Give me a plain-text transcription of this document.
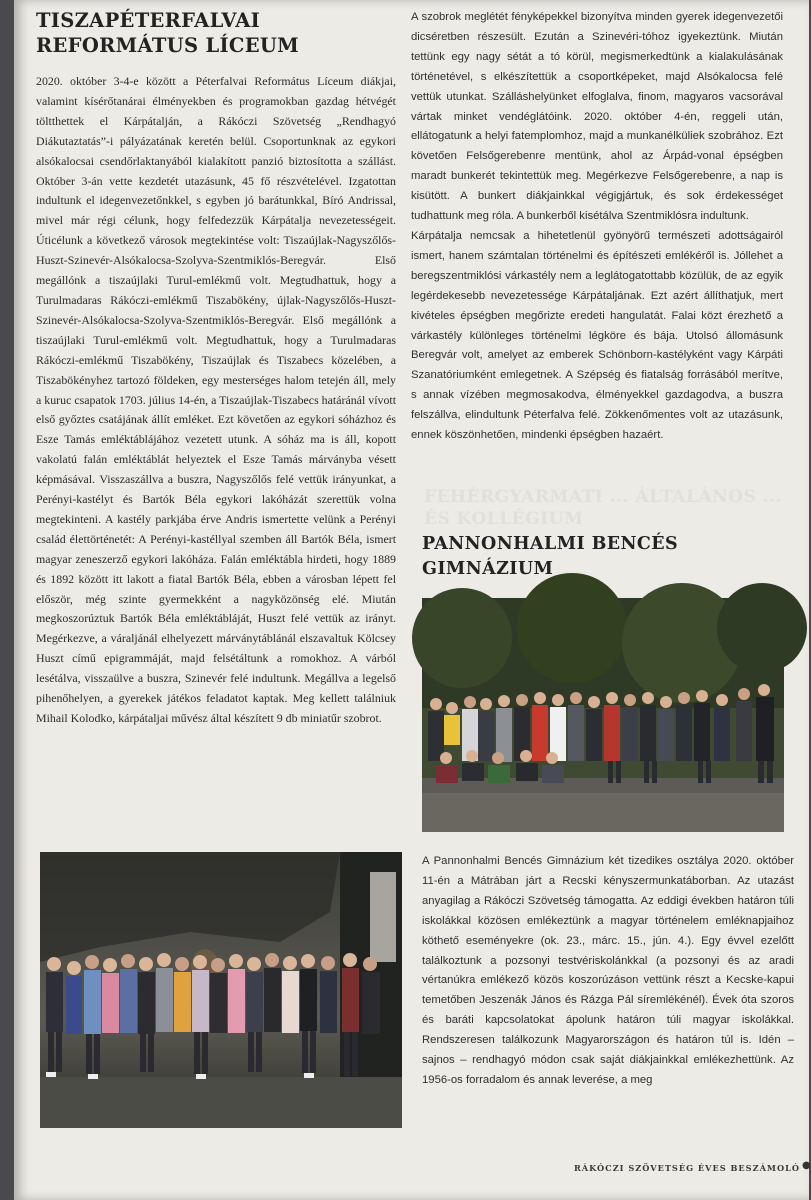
FEHÉRGYARMATI ... ÁLTALÁNOS ... ÉS KOLLÉGIUM
TISZAPÉTERFALVAI REFORMÁTUS LÍCEUM

2020. október 3-4-e között a Péterfalvai Református Líceum diákjai, valamint kísérőtanárai élményekben és programokban gazdag hétvégét töltthettek el Kárpátalján, a Rákóczi Szövetség „Rendhagyó Diákutaztatás”-i pályázatának keretén belül. Csoportunknak az egykori alsókalocsai csendőrlaktanyából kialakított panzió biztosította a szállást. Október 3-án vette kezdetét utazásunk, 45 fő részvételével. Izgatottan indultunk el idegenvezetőnkkel, s egyben jó barátunkkal, Bíró Andrissal, mivel már régi célunk, hogy felfedezzük Kárpátalja nevezetességeit. Úticélunk a következő városok megtekintése volt: Tiszaújlak-Nagyszőlős-Huszt-Szinevér-Alsókalocsa-Szolyva-Szentmiklós-Beregvár. Első megállónk a tiszaújlaki Turul-emlékmű volt. Megtudhattuk, hogy a Turulmadaras Rákóczi-emlékmű Tiszabökény, újlak-Nagyszőlős-Huszt-Szinevér-Alsókalocsa-Szolyva-Szentmiklós-Beregvár. Első megállónk a tiszaújlaki Turul-emlékmű volt. Megtudhattuk, hogy a Turulmadaras Rákóczi-emlékmű Tiszabökény, Tiszaújlak és Tiszabecs közelében, a Tiszabökényhez tartozó földeken, egy mesterséges halom tetején áll, mely a kuruc csapatok 1703. július 14-én, a Tiszaújlak-Tiszabecs határánál vívott első győztes csatájának állít emléket. Ezt követően az egykori sóházhoz és Esze Tamás emléktáblájához vezetett utunk. A sóház ma is áll, kopott vakolatú falán emléktáblát helyeztek el Esze Tamás márványba vésett képmásával. Visszaszállva a buszra, Nagyszőlős felé vettük irányunkat, a Perényi-kastélyt és Bartók Béla egykori lakóházát szerettük volna megtekinteni. A kastély parkjába érve Andris ismertette velünk a Perényi család élettörténetét: A Perényi-kastéllyal szemben áll Bartók Béla, ismert magyar zeneszerző egykori lakóháza. Falán emléktábla hirdeti, hogy 1889 és 1892 között itt lakott a fiatal Bartók Béla, ebben a városban lépett fel először, még szinte gyermekként a nagyközönség elé. Miután megkoszorúztuk Bartók Béla emléktábláját, Huszt felé vettük az irányt. Megérkezve, a váraljánál elhelyezett márványtáblánál elszavaltuk Kölcsey Huszt című epigrammáját, majd felsétáltunk a romokhoz. A várból lesétálva, visszaülve a buszra, Szinevér felé indultunk. Megállva a legelső pihenőhelyen, a gyerekek játékos feladatot kaptak. Meg kellett találniuk Mihail Kolodko, kárpátaljai művész által készített 9 db miniatűr szobrot.

A szobrok meglétét fényképekkel bizonyítva minden gyerek idegenvezetői dicséretben részesült. Ezután a Szinevéri-tóhoz igyekeztünk. Miután tettünk egy nagy sétát a tó körül, megismerkedtünk a kialakulásának történetével, s elkészítettük a csoportképeket, majd Alsókalocsa felé vettük utunkat. Szálláshelyünket elfoglalva, finom, magyaros vacsorával vártak minket vendéglátóink. 2020. október 4-én, reggeli után, ellátogatunk a helyi fatemplomhoz, majd a munkanélküliek szobrához. Ezt követően Felsőgerebenre mentünk, ahol az Árpád-vonal épségben maradt bunkerét tekintettük meg. Megérkezve Felsőgerebenre, a nap is kisütött. A bunkert diákjainkkal végigjártuk, és sok érdekességet tudhattunk meg róla. A bunkerből kisétálva Szentmiklósra indultunk.

Kárpátalja nemcsak a hihetetlenül gyönyörű természeti adottságairól ismert, hanem számtalan történelmi és építészeti emlékéről is. Jóllehet a beregszentmiklósi várkastély nem a leglátogatottabb közülük, de az egyik legérdekesebb nevezetessége Kárpátaljának. Ezt azért állíthatjuk, mert kivételes épségben megőrizte eredeti hangulatát. Falai közt érezhető a várkastély különleges történelmi légköre és bája. Utolsó állomásunk Beregvár volt, amelyet az emberek Schönborn-kastélyként vagy Kárpáti Szanatóriumként emlegetnek. A Szépség és fiatalság forrásából merítve, s annak vízében megmosakodva, élményekkel gazdagodva, a buszra felszállva, elindultunk Péterfalva felé. Zökkenőmentes volt az utazásunk, ennek köszönhetően, mindenki épségben hazaért.

PANNONHALMI BENCÉS GIMNÁZIUM

A Pannonhalmi Bencés Gimnázium két tizedikes osztálya 2020. október 11-én a Mátrában járt a Recski kényszermunkatáborban. Az utazást anyagilag a Rákóczi Szövetség támogatta. Az eddigi években határon túli iskolákkal közösen emlékeztünk a magyar történelem emléknapjaihoz köthető eseményekre (ok. 23., márc. 15., jún. 4.). Egy évvel ezelőtt találkoztunk a pozsonyi testvériskolánkkal (a pozsonyi és az aradi vértanúkra emlékező közös koszorúzáson vettünk részt a Kecske-kapui temetőben Jeszenák János és Rázga Pál síremlékénél). Évek óta szoros és baráti kapcsolatokat ápolunk határon túli magyar iskolákkal. Rendszeresen találkozunk Magyarországon és határon túl is. Idén – sajnos – rendhagyó módon csak saját diákjainkkal emlékezhettünk. Az 1956-os forradalom és annak leverése, a meg

RÁKÓCZI SZÖVETSÉG ÉVES BESZÁMOLÓ ●
